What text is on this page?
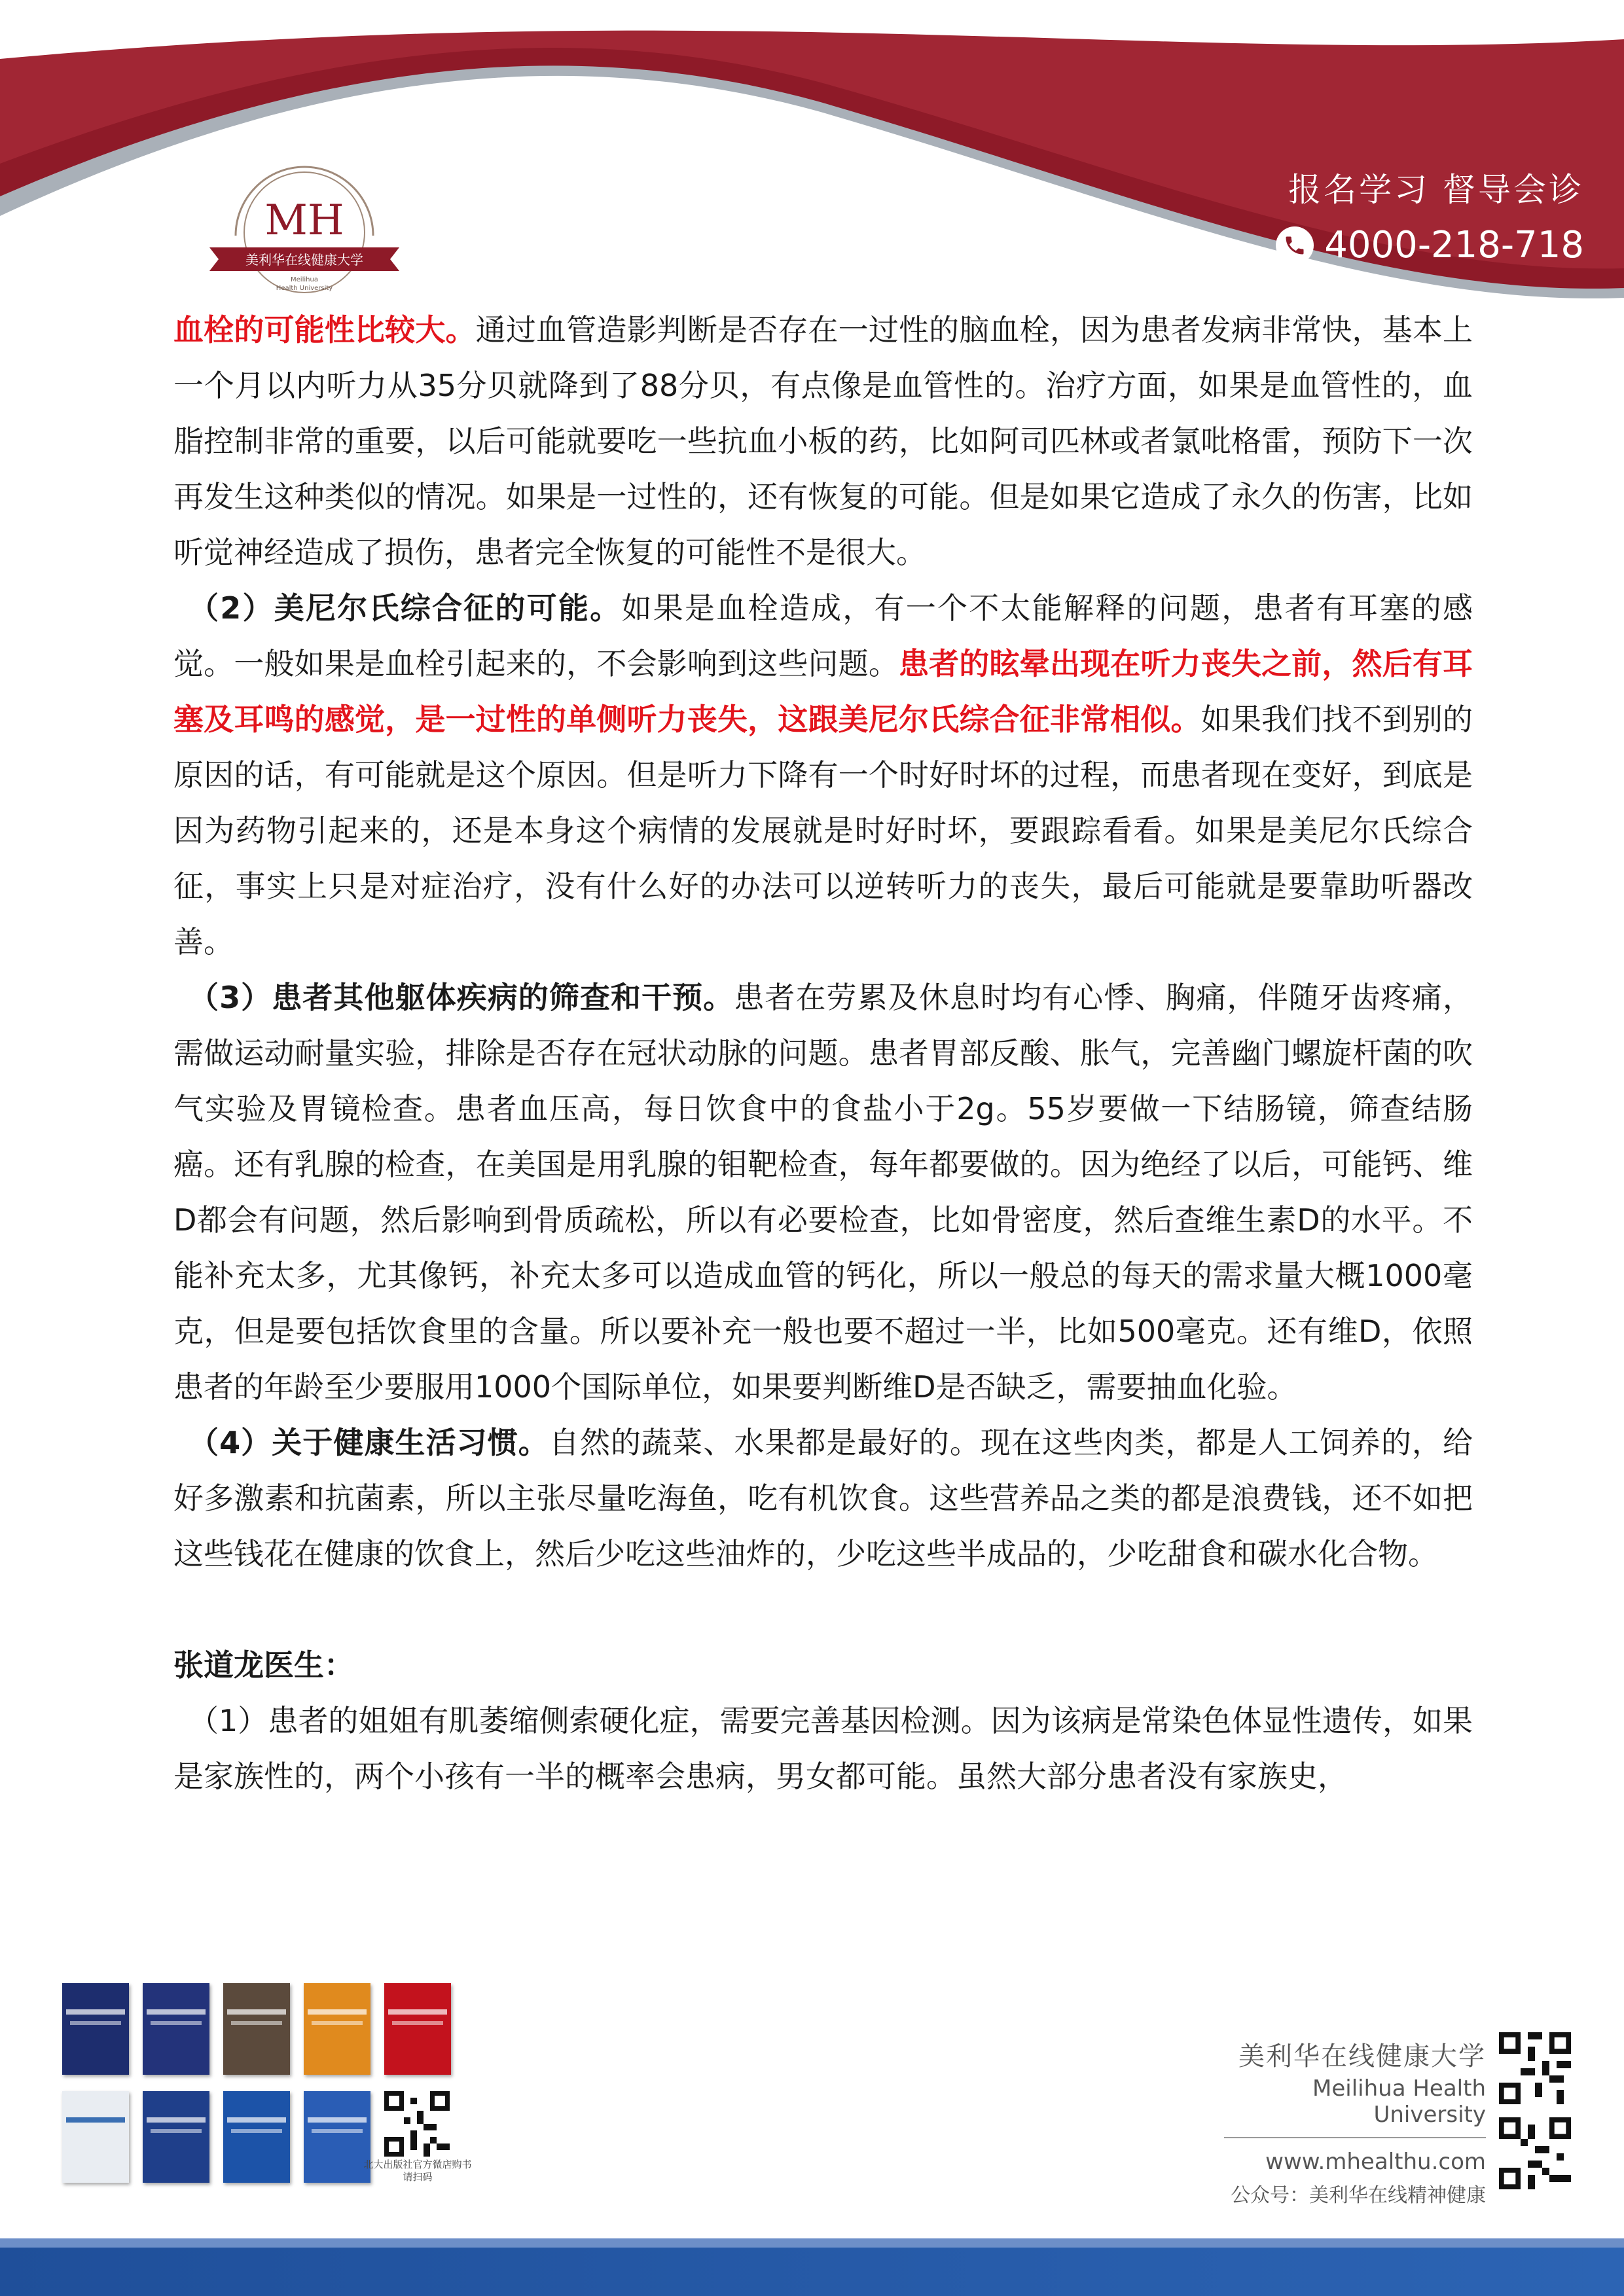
MH
美利华在线健康大学
Meilihua
Health University
报名学习 督导会诊
4000-218-718

血栓的可能性比较大。通过血管造影判断是否存在一过性的脑血栓，因为患者发病非常快，基本上一个月以内听力从35分贝就降到了88分贝，有点像是血管性的。治疗方面，如果是血管性的，血脂控制非常的重要，以后可能就要吃一些抗血小板的药，比如阿司匹林或者氯吡格雷，预防下一次再发生这种类似的情况。如果是一过性的，还有恢复的可能。但是如果它造成了永久的伤害，比如听觉神经造成了损伤，患者完全恢复的可能性不是很大。

（2）美尼尔氏综合征的可能。如果是血栓造成，有一个不太能解释的问题，患者有耳塞的感觉。一般如果是血栓引起来的，不会影响到这些问题。患者的眩晕出现在听力丧失之前，然后有耳塞及耳鸣的感觉，是一过性的单侧听力丧失，这跟美尼尔氏综合征非常相似。如果我们找不到别的原因的话，有可能就是这个原因。但是听力下降有一个时好时坏的过程，而患者现在变好，到底是因为药物引起来的，还是本身这个病情的发展就是时好时坏，要跟踪看看。如果是美尼尔氏综合征，事实上只是对症治疗，没有什么好的办法可以逆转听力的丧失，最后可能就是要靠助听器改善。

（3）患者其他躯体疾病的筛查和干预。患者在劳累及休息时均有心悸、胸痛，伴随牙齿疼痛，需做运动耐量实验，排除是否存在冠状动脉的问题。患者胃部反酸、胀气，完善幽门螺旋杆菌的吹气实验及胃镜检查。患者血压高，每日饮食中的食盐小于2g。55岁要做一下结肠镜，筛查结肠癌。还有乳腺的检查，在美国是用乳腺的钼靶检查，每年都要做的。因为绝经了以后，可能钙、维D都会有问题，然后影响到骨质疏松，所以有必要检查，比如骨密度，然后查维生素D的水平。不能补充太多，尤其像钙，补充太多可以造成血管的钙化，所以一般总的每天的需求量大概1000毫克，但是要包括饮食里的含量。所以要补充一般也要不超过一半，比如500毫克。还有维D，依照患者的年龄至少要服用1000个国际单位，如果要判断维D是否缺乏，需要抽血化验。

（4）关于健康生活习惯。自然的蔬菜、水果都是最好的。现在这些肉类，都是人工饲养的，给好多激素和抗菌素，所以主张尽量吃海鱼，吃有机饮食。这些营养品之类的都是浪费钱，还不如把这些钱花在健康的饮食上，然后少吃这些油炸的，少吃这些半成品的，少吃甜食和碳水化合物。

张道龙医生：

（1）患者的姐姐有肌萎缩侧索硬化症，需要完善基因检测。因为该病是常染色体显性遗传，如果是家族性的，两个小孩有一半的概率会患病，男女都可能。虽然大部分患者没有家族史，

北大出版社官方微店购书请扫码
美利华在线健康大学
Meilihua Health University
www.mhealthu.com
公众号：美利华在线精神健康
